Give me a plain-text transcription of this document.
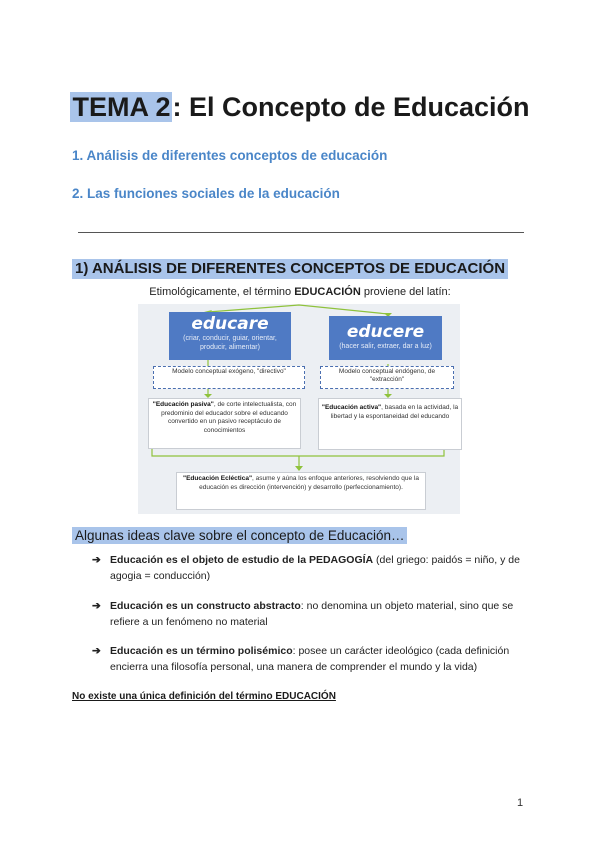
TEMA 2: El Concepto de Educación
1. Análisis de diferentes conceptos de educación
2. Las funciones sociales de la educación
1) ANÁLISIS DE DIFERENTES CONCEPTOS DE EDUCACIÓN
Etimológicamente, el término EDUCACIÓN proviene del latín:
educare
(criar, conducir, guiar, orientar, producir, alimentar)
educere
(hacer salir, extraer, dar a luz)
Modelo conceptual exógeno, "directivo"	Modelo conceptual endógeno, de "extracción"
"Educación pasiva", de corte intelectualista, con predominio del educador sobre el educando convertido en un pasivo receptáculo de conocimientos
"Educación activa", basada en la actividad, la libertad y la espontaneidad del educando
"Educación Ecléctica", asume y aúna los enfoque anteriores, resolviendo que la educación es dirección (intervención) y desarrollo (perfeccionamiento).
Algunas ideas clave sobre el concepto de Educación…
➔ Educación es el objeto de estudio de la PEDAGOGÍA (del griego: paidós = niño, y de agogia = conducción)
➔ Educación es un constructo abstracto: no denomina un objeto material, sino que se refiere a un fenómeno no material
➔ Educación es un término polisémico: posee un carácter ideológico (cada definición encierra una filosofía personal, una manera de comprender el mundo y la vida)
No existe una única definición del término EDUCACIÓN
1
